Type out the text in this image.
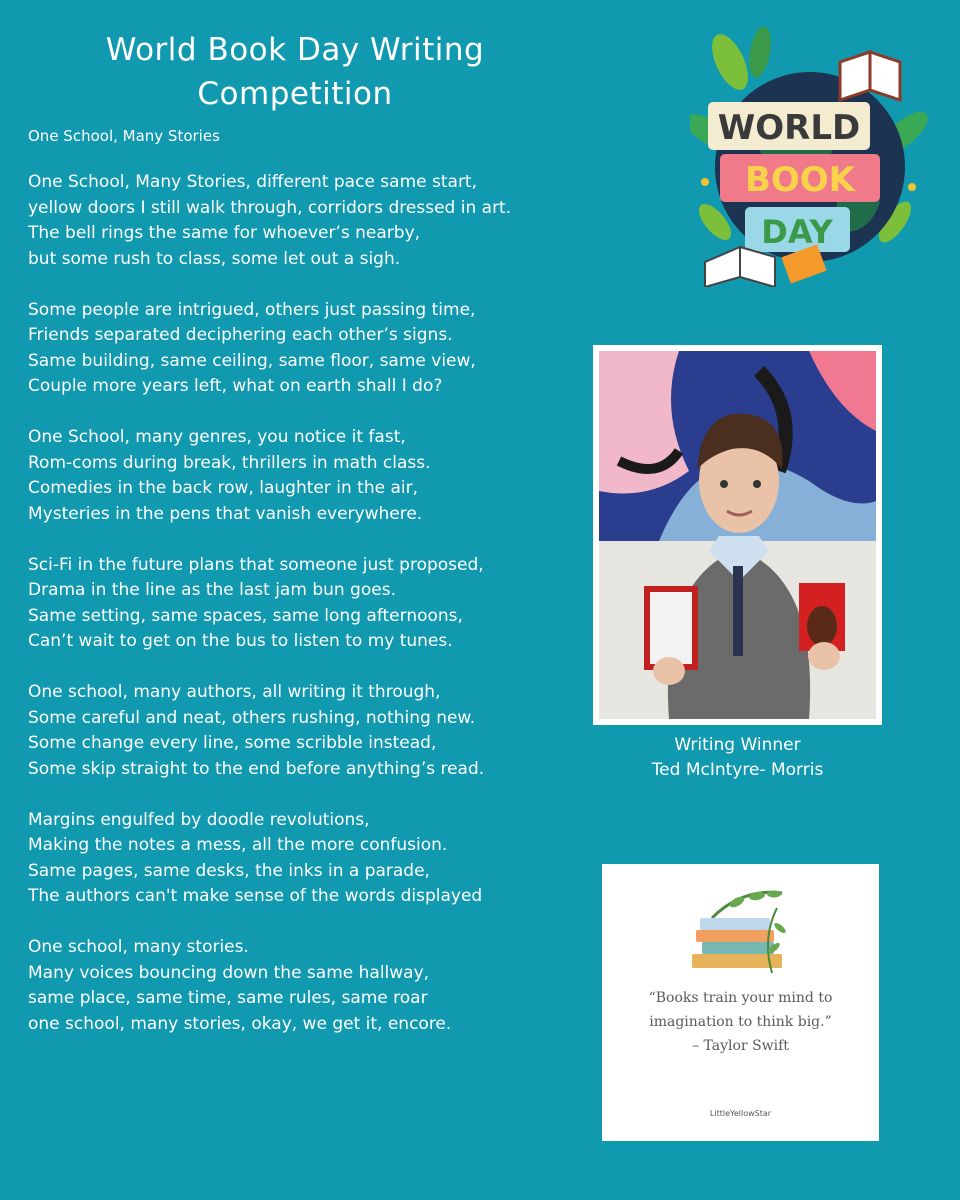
World Book Day Writing Competition
One School, Many Stories
One School, Many Stories, different pace same start,
yellow doors I still walk through, corridors dressed in art.
The bell rings the same for whoever’s nearby,
but some rush to class, some let out a sigh.
Some people are intrigued, others just passing time,
Friends separated deciphering each other’s signs.
Same building, same ceiling, same floor, same view,
Couple more years left, what on earth shall I do?
One School, many genres, you notice it fast,
Rom-coms during break, thrillers in math class.
Comedies in the back row, laughter in the air,
Mysteries in the pens that vanish everywhere.
Sci-Fi in the future plans that someone just proposed,
Drama in the line as the last jam bun goes.
Same setting, same spaces, same long afternoons,
Can’t wait to get on the bus to listen to my tunes.
One school, many authors, all writing it through,
Some careful and neat, others rushing, nothing new.
Some change every line, some scribble instead,
Some skip straight to the end before anything’s read.
Margins engulfed by doodle revolutions,
Making the notes a mess, all the more confusion.
Same pages, same desks, the inks in a parade,
The authors can't make sense of the words displayed
One school, many stories.
Many voices bouncing down the same hallway,
same place, same time, same rules, same roar
one school, many stories, okay, we get it, encore.
WORLD
BOOK
DAY
Writing Winner
Ted McIntyre- Morris
“Books train your mind to
imagination to think big.”
– Taylor Swift
LittleYellowStar
